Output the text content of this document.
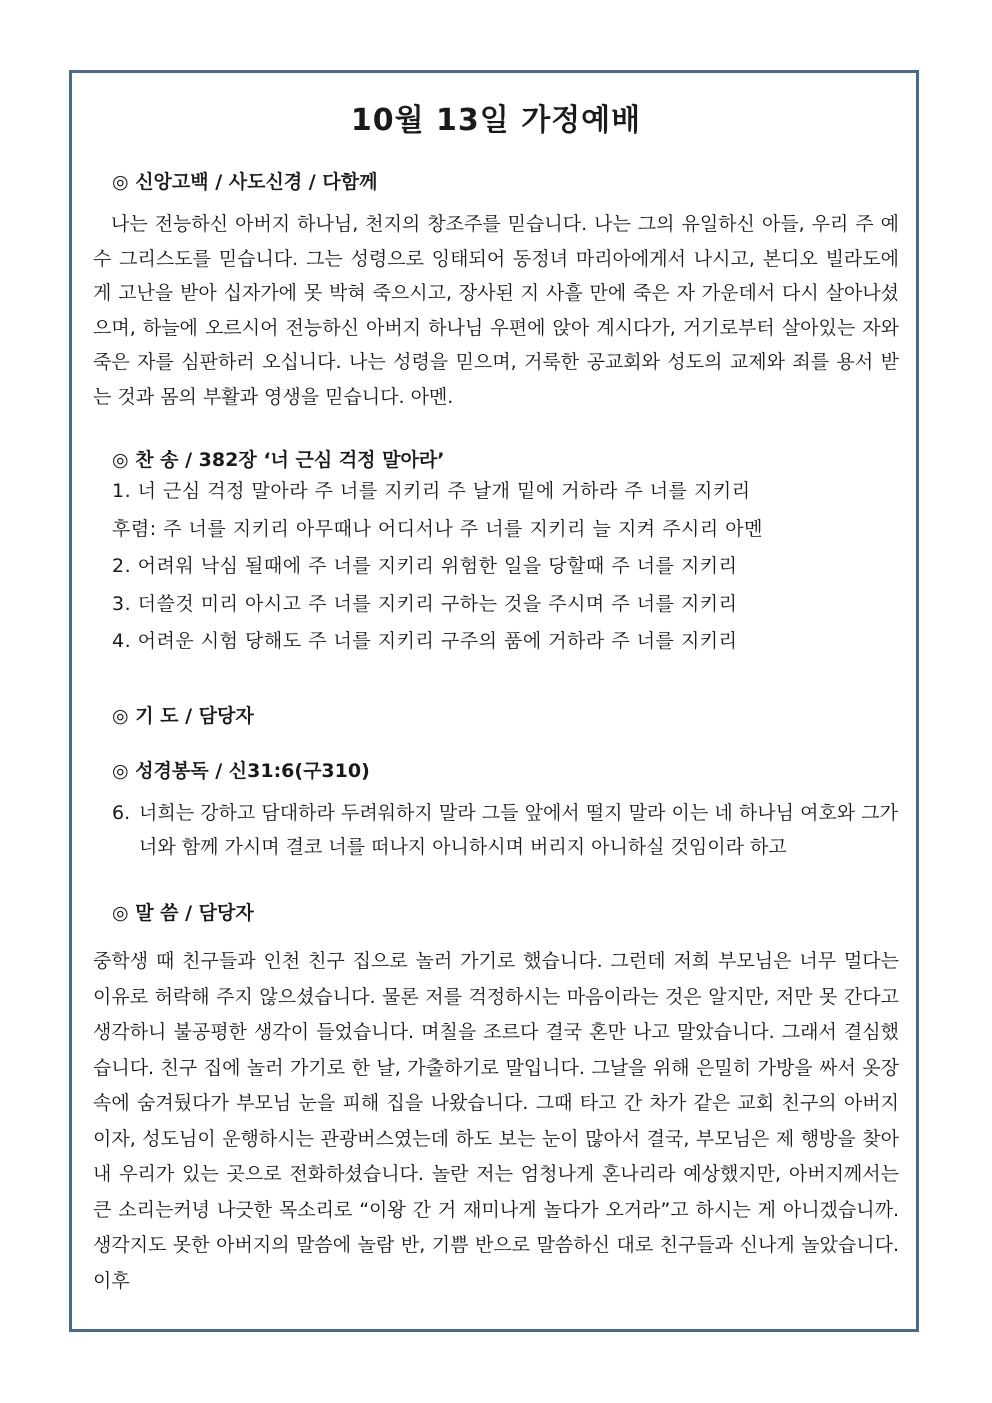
10월 13일 가정예배
◎ 신앙고백 / 사도신경 / 다함께
나는 전능하신 아버지 하나님, 천지의 창조주를 믿습니다. 나는 그의 유일하신 아들, 우리 주 예수 그리스도를 믿습니다. 그는 성령으로 잉태되어 동정녀 마리아에게서 나시고, 본디오 빌라도에게 고난을 받아 십자가에 못 박혀 죽으시고, 장사된 지 사흘 만에 죽은 자 가운데서 다시 살아나셨으며, 하늘에 오르시어 전능하신 아버지 하나님 우편에 앉아 계시다가, 거기로부터 살아있는 자와 죽은 자를 심판하러 오십니다. 나는 성령을 믿으며, 거룩한 공교회와 성도의 교제와 죄를 용서 받는 것과 몸의 부활과 영생을 믿습니다. 아멘.
◎ 찬 송 / 382장 ‘너 근심 걱정 말아라’
1. 너 근심 걱정 말아라 주 너를 지키리 주 날개 밑에 거하라 주 너를 지키리
후렴: 주 너를 지키리 아무때나 어디서나 주 너를 지키리 늘 지켜 주시리 아멘
2. 어려워 낙심 될때에 주 너를 지키리 위험한 일을 당할때 주 너를 지키리
3. 더쓸것 미리 아시고 주 너를 지키리 구하는 것을 주시며 주 너를 지키리
4. 어려운 시험 당해도 주 너를 지키리 구주의 품에 거하라 주 너를 지키리
◎ 기 도 / 담당자
◎ 성경봉독 / 신31:6(구310)
6. 너희는 강하고 담대하라 두려워하지 말라 그들 앞에서 떨지 말라 이는 네 하나님 여호와 그가 너와 함께 가시며 결코 너를 떠나지 아니하시며 버리지 아니하실 것임이라 하고
◎ 말 씀 / 담당자
중학생 때 친구들과 인천 친구 집으로 놀러 가기로 했습니다. 그런데 저희 부모님은 너무 멀다는 이유로 허락해 주지 않으셨습니다. 물론 저를 걱정하시는 마음이라는 것은 알지만, 저만 못 간다고 생각하니 불공평한 생각이 들었습니다. 며칠을 조르다 결국 혼만 나고 말았습니다. 그래서 결심했습니다. 친구 집에 놀러 가기로 한 날, 가출하기로 말입니다. 그날을 위해 은밀히 가방을 싸서 옷장 속에 숨겨뒀다가 부모님 눈을 피해 집을 나왔습니다. 그때 타고 간 차가 같은 교회 친구의 아버지이자, 성도님이 운행하시는 관광버스였는데 하도 보는 눈이 많아서 결국, 부모님은 제 행방을 찾아 내 우리가 있는 곳으로 전화하셨습니다. 놀란 저는 엄청나게 혼나리라 예상했지만, 아버지께서는 큰 소리는커녕 나긋한 목소리로 “이왕 간 거 재미나게 놀다가 오거라”고 하시는 게 아니겠습니까. 생각지도 못한 아버지의 말씀에 놀람 반, 기쁨 반으로 말씀하신 대로 친구들과 신나게 놀았습니다. 이후
